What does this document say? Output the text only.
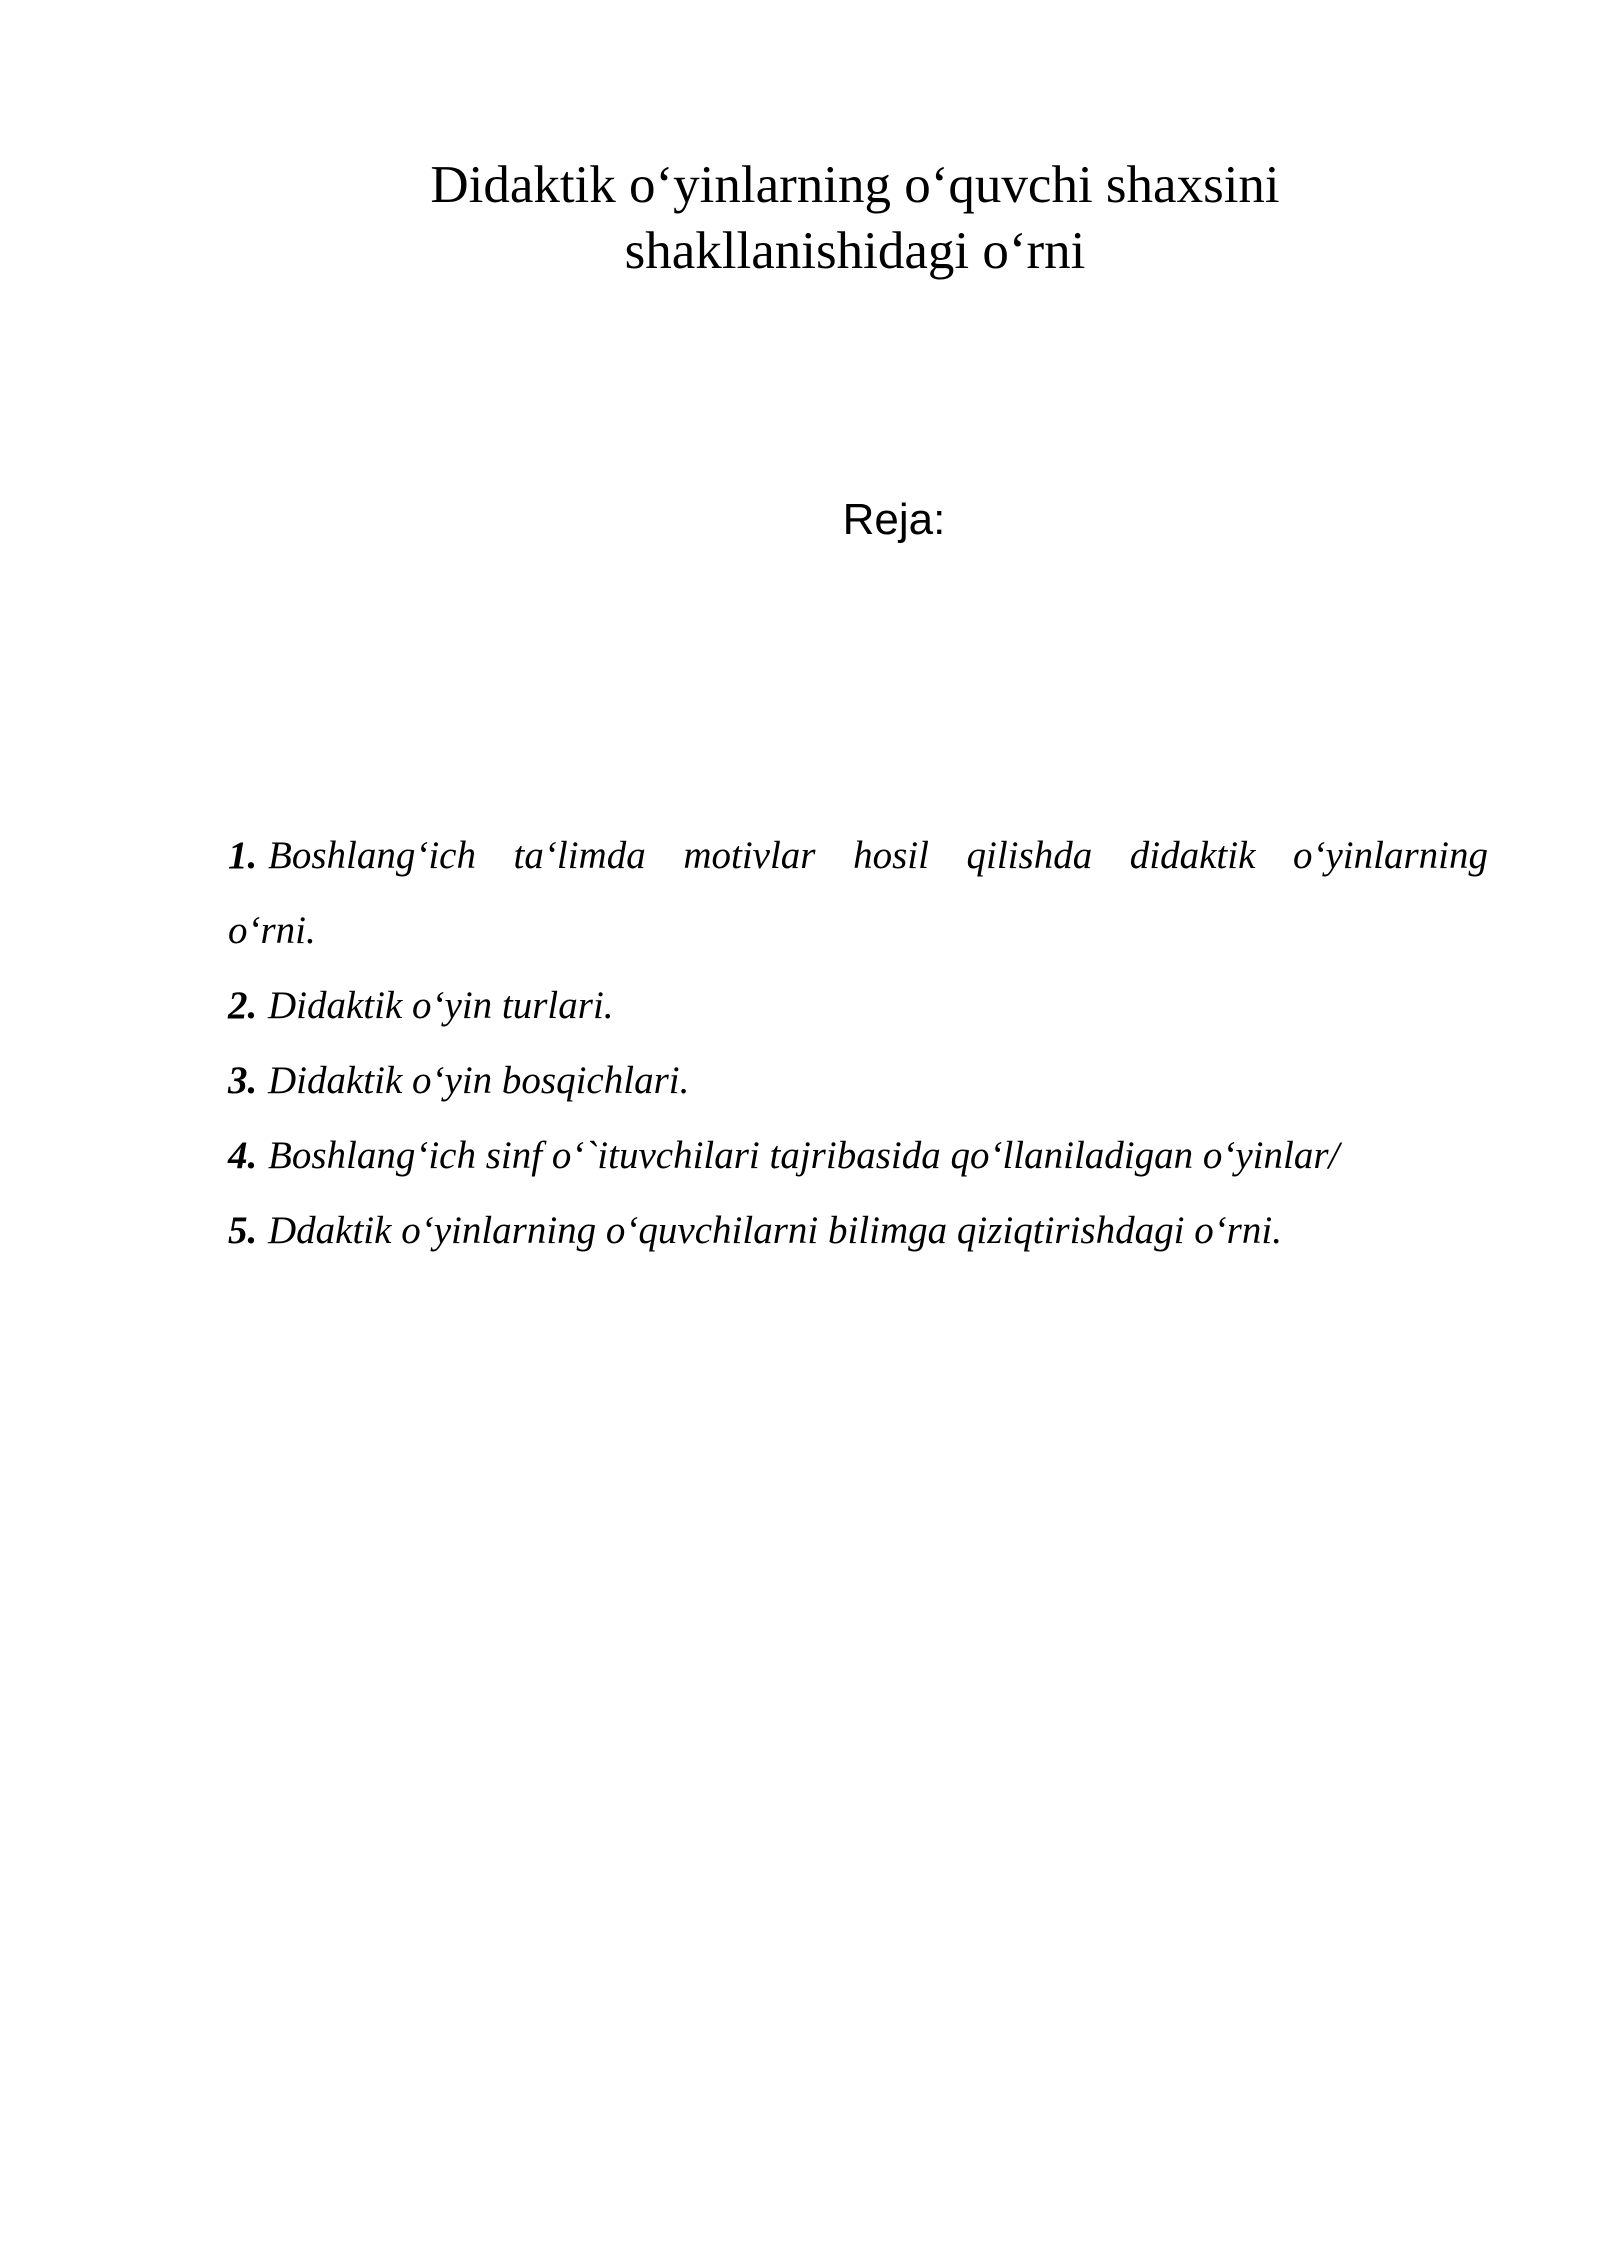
Didaktik o‘yinlarning o‘quvchi shaxsini
shakllanishidagi o‘rni

Reja:

1. Boshlang‘ich ta‘limda motivlar hosil qilishda didaktik o‘yinlarning
o‘rni.
2. Didaktik o‘yin turlari.
3. Didaktik o‘yin bosqichlari.
4. Boshlang‘ich sinf o‘`ituvchilari tajribasida qo‘llaniladigan o‘yinlar/
5. Ddaktik o‘yinlarning o‘quvchilarni bilimga qiziqtirishdagi o‘rni.
